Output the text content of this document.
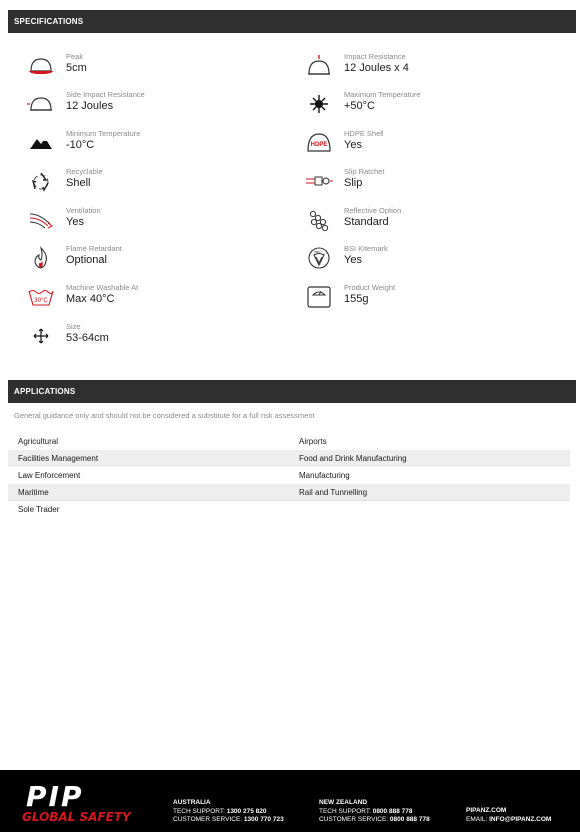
SPECIFICATIONS
Peak
5cm
Side Impact Resistance
12 Joules
Minimum Temperature
-10°C
Recyclable
Shell
Ventilation
Yes
Flame Retardant
Optional
30°C
Machine Washable At
Max 40°C
Size
53-64cm
Impact Resistance
12 Joules x 4
Maximum Temperature
+50°C
HDPE
HDPE Shell
Yes
Slip Ratchet
Slip
Reflective Option
Standard
bsi	BSI Kitemark
Yes
Product Weight
155g
APPLICATIONS
General guidance only and should not be considered a substitute for a full risk assessment
Agricultural	Airports
Facilities Management	Food and Drink Manufacturing
Law Enforcement	Manufacturing
Maritime	Rail and Tunnelling
Sole Trader
PIP
GLOBAL SAFETY
AUSTRALIA
TECH SUPPORT: 1300 275 820
CUSTOMER SERVICE: 1300 770 723
NEW ZEALAND
TECH SUPPORT: 0800 888 778
CUSTOMER SERVICE: 0800 888 778
PIPANZ.COM
EMAIL: INFO@PIPANZ.COM
